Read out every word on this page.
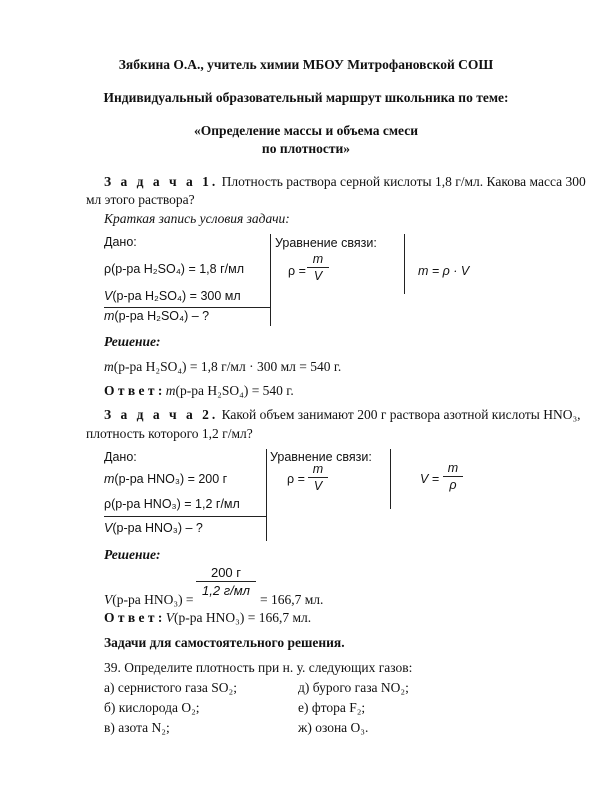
Зябкина О.А., учитель химии МБОУ Митрофановской СОШ
Индивидуальный образовательный маршрут школьника по теме:
«Определение массы и объема смеси
по плотности»
З а д а ч а 1. Плотность раствора серной кислоты 1,8 г/мл. Какова масса 300
мл этого раствора?
Краткая запись условия задачи:
Дано:
ρ(р-ра H₂SO₄) = 1,8 г/мл
V(р-ра H₂SO₄) = 300 мл
m(р-ра H₂SO₄) – ?
Уравнение связи:
ρ =
m
V	m = ρ · V
Решение:
m(р-ра H₂SO₄) = 1,8 г/мл · 300 мл = 540 г.
О т в е т : m(р-ра H₂SO₄) = 540 г.
З а д а ч а 2. Какой объем занимают 200 г раствора азотной кислоты HNO₃,
плотность которого 1,2 г/мл?
Дано:
m(р-ра HNO₃) = 200 г
ρ(р-ра HNO₃) = 1,2 г/мл
V(р-ра HNO₃) – ?
Уравнение связи:
ρ =
m
V	V =
m
ρ
Решение:
V(р-ра HNO₃) =
200 г
1,2 г/мл
= 166,7 мл.
О т в е т : V(р-ра HNO₃) = 166,7 мл.
Задачи для самостоятельного решения.
39. Определите плотность при н. у. следующих газов:
а) сернистого газа SO₂;	д) бурого газа NO₂;
б) кислорода O₂;	е) фтора F₂;
в) азота N₂;	ж) озона O₃.
